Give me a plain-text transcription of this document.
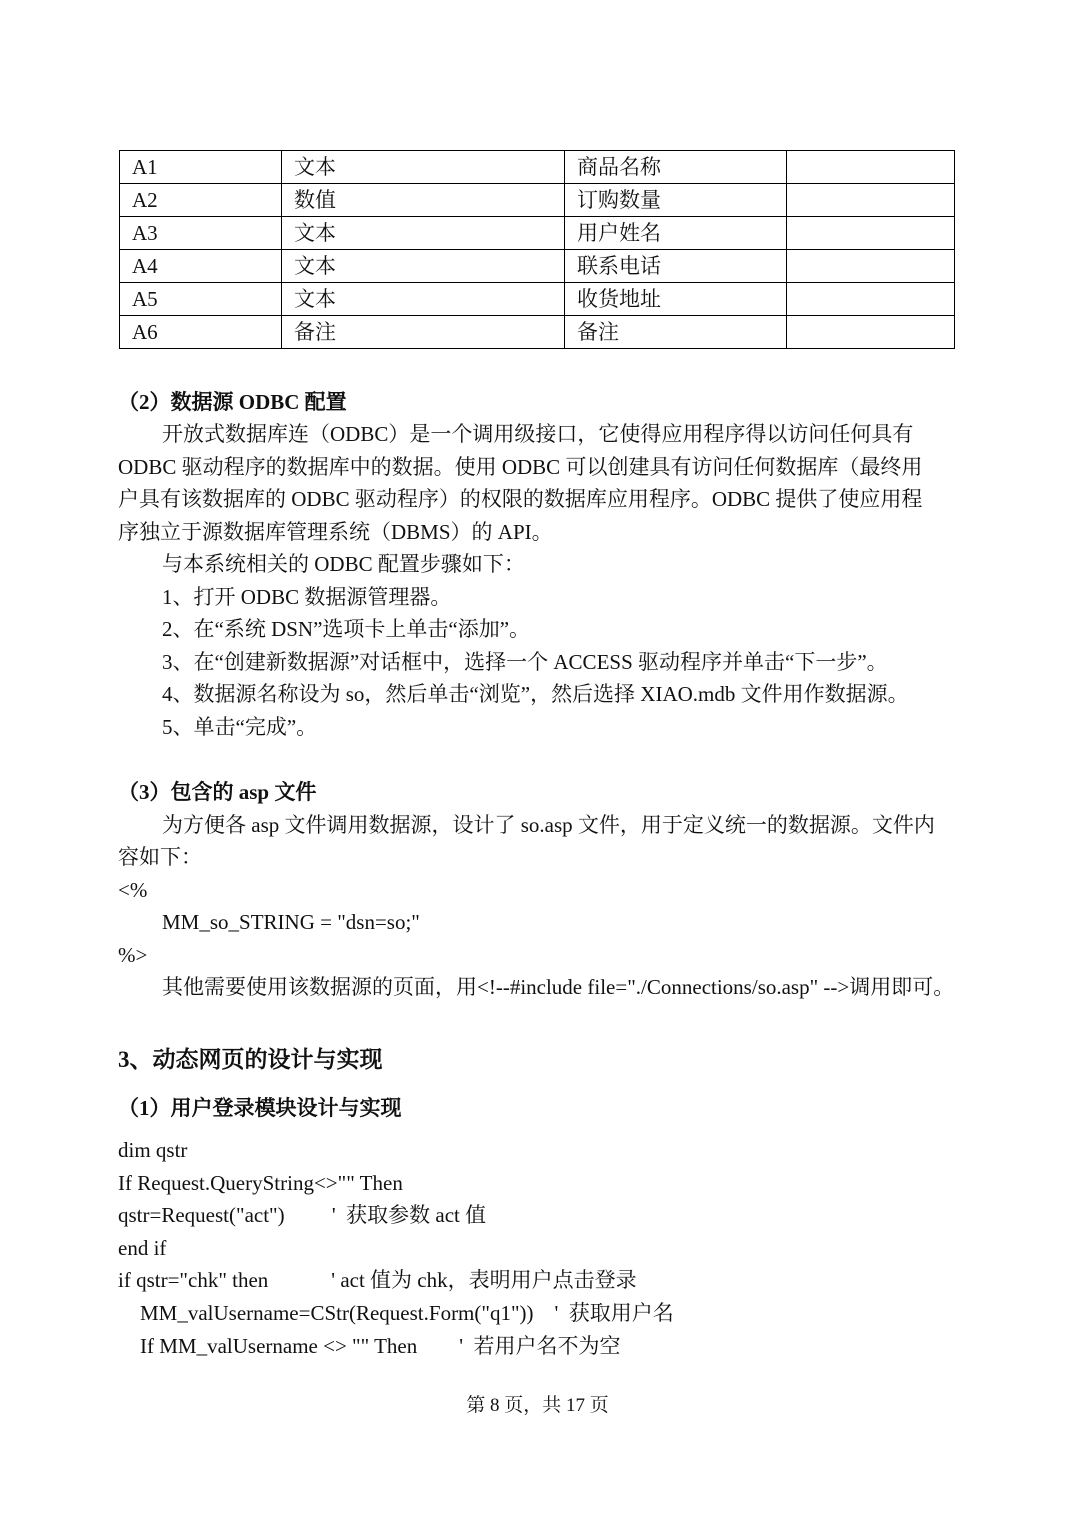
A1	文本	商品名称	
A2	数值	订购数量	
A3	文本	用户姓名	
A4	文本	联系电话	
A5	文本	收货地址	
A6	备注	备注	
（2）数据源 ODBC 配置
开放式数据库连（ODBC）是一个调用级接口，它使得应用程序得以访问任何具有
ODBC 驱动程序的数据库中的数据。使用 ODBC 可以创建具有访问任何数据库（最终用
户具有该数据库的 ODBC 驱动程序）的权限的数据库应用程序。ODBC 提供了使应用程
序独立于源数据库管理系统（DBMS）的 API。
与本系统相关的 ODBC 配置步骤如下：
1、打开 ODBC 数据源管理器。
2、在“系统 DSN”选项卡上单击“添加”。
3、在“创建新数据源”对话框中，选择一个 ACCESS 驱动程序并单击“下一步”。
4、数据源名称设为 so，然后单击“浏览”，然后选择 XIAO.mdb 文件用作数据源。
5、单击“完成”。
（3）包含的 asp 文件
为方便各 asp 文件调用数据源，设计了 so.asp 文件，用于定义统一的数据源。文件内
容如下：
<%
MM_so_STRING = "dsn=so;"
%>
其他需要使用该数据源的页面，用<!--#include file="./Connections/so.asp" -->调用即可。
3、动态网页的设计与实现
（1）用户登录模块设计与实现
dim qstr
If Request.QueryString<>"" Then
qstr=Request("act")         '  获取参数 act 值
end if
if qstr="chk" then            ' act 值为 chk，表明用户点击登录
MM_valUsername=CStr(Request.Form("q1"))    '  获取用户名
If MM_valUsername <> "" Then        '  若用户名不为空
第 8 页，共 17 页
